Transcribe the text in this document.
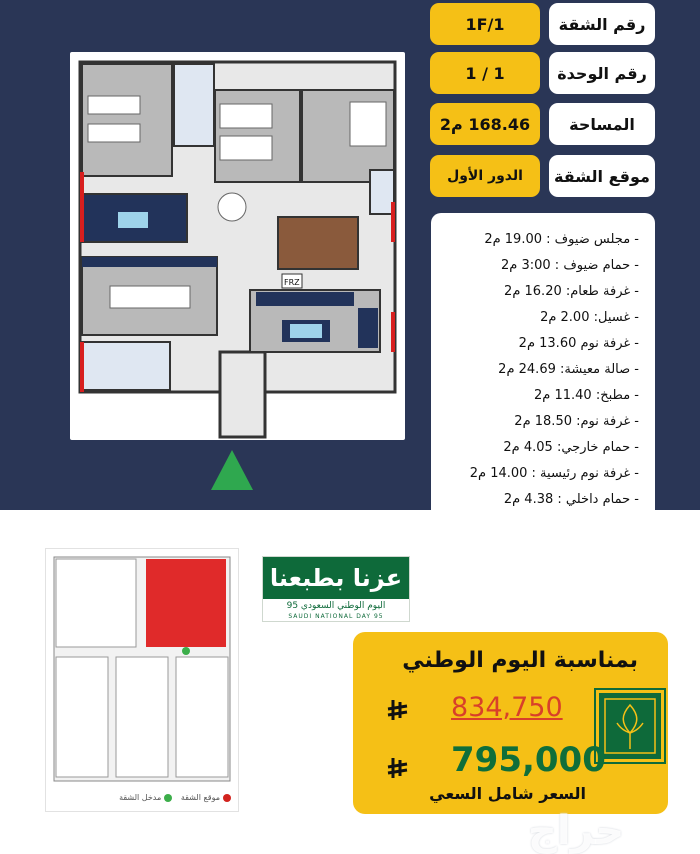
FRZ
رقم الشقة
1F/1
رقم الوحدة
1 / 1
المساحة
168.46 م2
موقع الشقة
الدور الأول
- مجلس ضيوف : 19.00 م2
- حمام ضيوف : 3:00 م2
- غرفة طعام: 16.20 م2
- غسيل: 2.00 م2
- غرفة نوم 13.60 م2
- صالة معيشة: 24.69 م2
- مطبخ: 11.40 م2
- غرفة نوم: 18.50 م2
- حمام خارجي: 4.05 م2
- غرفة نوم رئيسية : 14.00 م2
- حمام داخلي : 4.38 م2
موقع الشقة مدخل الشقة
عزنا بطبعنا
اليوم الوطني السعودي 95
SAUDI NATIONAL DAY 95
بمناسبة اليوم الوطني
834,750
795,000
السعر شامل السعي
حراج
